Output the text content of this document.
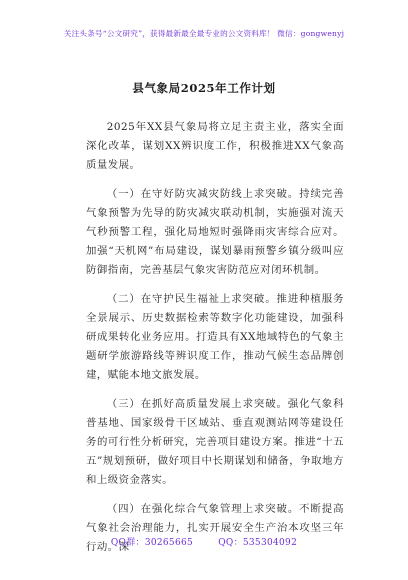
关注头条号“公文研究”，获得最新最全最专业的公文资料库！ 微信：gongwenyj
县气象局2025年工作计划

2025年XX县气象局将立足主责主业，落实全面深化改革，谋划XX辨识度工作，积极推进XX气象高质量发展。

（一）在守好防灾减灾防线上求突破。持续完善气象预警为先导的防灾减灾联动机制，实施强对流天气秒预警工程，强化局地短时强降雨灾害综合应对。加强“天机网”布局建设，谋划暴雨预警乡镇分级叫应防御指南，完善基层气象灾害防范应对闭环机制。

（二）在守护民生福祉上求突破。推进种植服务全景展示、历史数据检索等数字化功能建设，加强科研成果转化业务应用。打造具有XX地域特色的气象主题研学旅游路线等辨识度工作，推动气候生态品牌创建，赋能本地文旅发展。

（三）在抓好高质量发展上求突破。强化气象科普基地、国家级骨干区域站、垂直观测站网等建设任务的可行性分析研究，完善项目建设方案。推进“十五五”规划预研，做好项目中长期谋划和储备，争取地方和上级资金落实。

（四）在强化综合气象管理上求突破。不断提高气象社会治理能力，扎实开展安全生产治本攻坚三年行动。深

QQ群：30265665	QQ：535304092
